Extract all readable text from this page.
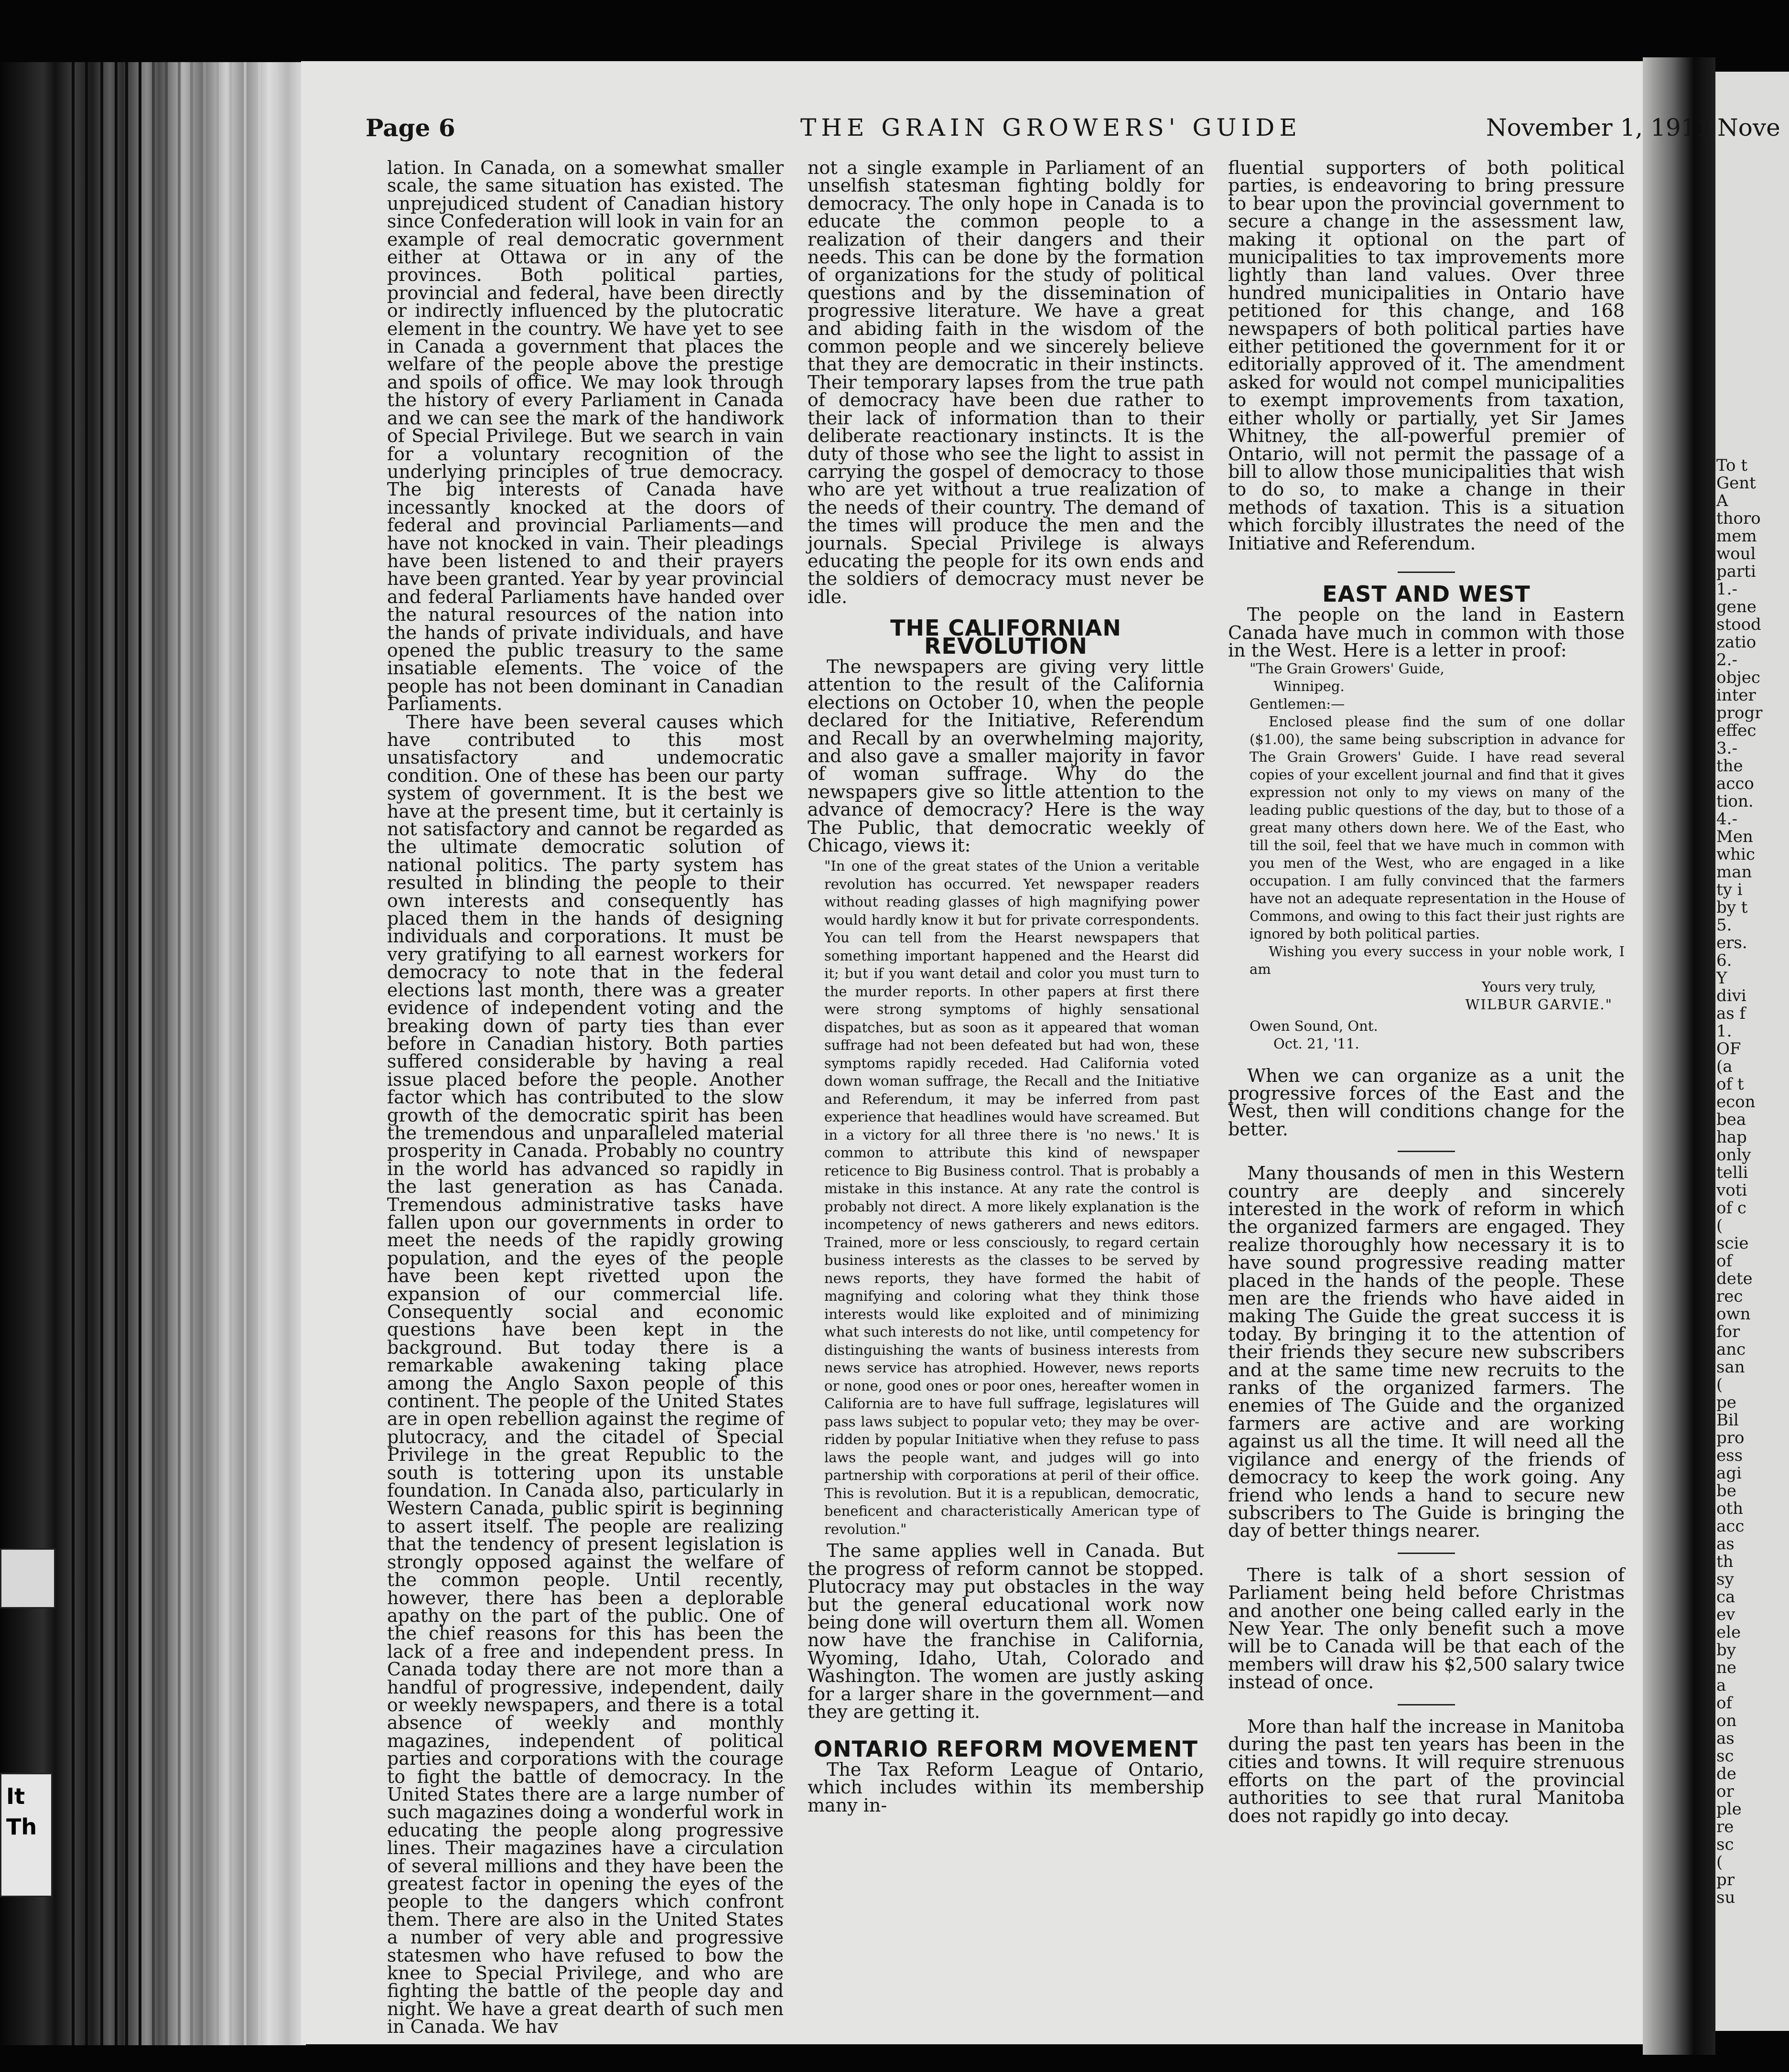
It
Th
Page 6	THE GRAIN GROWERS' GUIDE	November 1, 1911

lation. In Canada, on a somewhat smaller scale, the same situation has existed. The unprejudiced student of Canadian history since Confederation will look in vain for an example of real democratic government either at Ottawa or in any of the provinces. Both political parties, provincial and federal, have been directly or indirectly influenced by the plutocratic element in the country. We have yet to see in Canada a government that places the welfare of the people above the prestige and spoils of office. We may look through the history of every Parliament in Canada and we can see the mark of the handiwork of Special Privilege. But we search in vain for a voluntary recognition of the underlying principles of true democracy. The big interests of Canada have incessantly knocked at the doors of federal and provincial Parliaments—and have not knocked in vain. Their pleadings have been listened to and their prayers have been granted. Year by year provincial and federal Parliaments have handed over the natural resources of the nation into the hands of private individuals, and have opened the public treasury to the same insatiable elements. The voice of the people has not been dominant in Canadian Parliaments.

There have been several causes which have contributed to this most unsatisfactory and undemocratic condition. One of these has been our party system of government. It is the best we have at the present time, but it certainly is not satisfactory and cannot be regarded as the ultimate democratic solution of national politics. The party system has resulted in blinding the people to their own interests and consequently has placed them in the hands of designing individuals and corporations. It must be very gratifying to all earnest workers for democracy to note that in the federal elections last month, there was a greater evidence of independent voting and the breaking down of party ties than ever before in Canadian history. Both parties suffered considerable by having a real issue placed before the people. Another factor which has contributed to the slow growth of the democratic spirit has been the tremendous and unparalleled material prosperity in Canada. Probably no country in the world has advanced so rapidly in the last generation as has Canada. Tremendous administrative tasks have fallen upon our governments in order to meet the needs of the rapidly growing population, and the eyes of the people have been kept rivetted upon the expansion of our commercial life. Consequently social and economic questions have been kept in the background. But today there is a remarkable awakening taking place among the Anglo Saxon people of this continent. The people of the United States are in open rebellion against the regime of plutocracy, and the citadel of Special Privilege in the great Republic to the south is tottering upon its unstable foundation. In Canada also, particularly in Western Canada, public spirit is beginning to assert itself. The people are realizing that the tendency of present legislation is strongly opposed against the welfare of the common people. Until recently, however, there has been a deplorable apathy on the part of the public. One of the chief reasons for this has been the lack of a free and independent press. In Canada today there are not more than a handful of progressive, independent, daily or weekly newspapers, and there is a total absence of weekly and monthly magazines, independent of political parties and corporations with the courage to fight the battle of democracy. In the United States there are a large number of such magazines doing a wonderful work in educating the people along progressive lines. Their magazines have a circulation of several millions and they have been the greatest factor in opening the eyes of the people to the dangers which confront them. There are also in the United States a number of very able and progressive statesmen who have refused to bow the knee to Special Privilege, and who are fighting the battle of the people day and night. We have a great dearth of such men in Canada. We hav

not a single example in Parliament of an unselfish statesman fighting boldly for democracy. The only hope in Canada is to educate the common people to a realization of their dangers and their needs. This can be done by the formation of organizations for the study of political questions and by the dissemination of progressive literature. We have a great and abiding faith in the wisdom of the common people and we sincerely believe that they are democratic in their instincts. Their temporary lapses from the true path of democracy have been due rather to their lack of information than to their deliberate reactionary instincts. It is the duty of those who see the light to assist in carrying the gospel of democracy to those who are yet without a true realization of the needs of their country. The demand of the times will produce the men and the journals. Special Privilege is always educating the people for its own ends and the soldiers of democracy must never be idle.

THE CALIFORNIAN REVOLUTION

The newspapers are giving very little attention to the result of the California elections on October 10, when the people declared for the Initiative, Referendum and Recall by an overwhelming majority, and also gave a smaller majority in favor of woman suffrage. Why do the newspapers give so little attention to the advance of democracy? Here is the way The Public, that democratic weekly of Chicago, views it:

"In one of the great states of the Union a veritable revolution has occurred. Yet newspaper readers without reading glasses of high magnifying power would hardly know it but for private correspondents. You can tell from the Hearst newspapers that something important happened and the Hearst did it; but if you want detail and color you must turn to the murder reports. In other papers at first there were strong symptoms of highly sensational dispatches, but as soon as it appeared that woman suffrage had not been defeated but had won, these symptoms rapidly receded. Had California voted down woman suffrage, the Recall and the Initiative and Referendum, it may be inferred from past experience that headlines would have screamed. But in a victory for all three there is 'no news.' It is common to attribute this kind of newspaper reticence to Big Business control. That is probably a mistake in this instance. At any rate the control is probably not direct. A more likely explanation is the incompetency of news gatherers and news editors. Trained, more or less consciously, to regard certain business interests as the classes to be served by news reports, they have formed the habit of magnifying and coloring what they think those interests would like exploited and of minimizing what such interests do not like, until competency for distinguishing the wants of business interests from news service has atrophied. However, news reports or none, good ones or poor ones, hereafter women in California are to have full suffrage, legislatures will pass laws subject to popular veto; they may be over-ridden by popular Initiative when they refuse to pass laws the people want, and judges will go into partnership with corporations at peril of their office. This is revolution. But it is a republican, democratic, beneficent and characteristically American type of revolution."

The same applies well in Canada. But the progress of reform cannot be stopped. Plutocracy may put obstacles in the way but the general educational work now being done will overturn them all. Women now have the franchise in California, Wyoming, Idaho, Utah, Colorado and Washington. The women are justly asking for a larger share in the government—and they are getting it.

ONTARIO REFORM MOVEMENT

The Tax Reform League of Ontario, which includes within its membership many in-

fluential supporters of both political parties, is endeavoring to bring pressure to bear upon the provincial government to secure a change in the assessment law, making it optional on the part of municipalities to tax improvements more lightly than land values. Over three hundred municipalities in Ontario have petitioned for this change, and 168 newspapers of both political parties have either petitioned the government for it or editorially approved of it. The amendment asked for would not compel municipalities to exempt improvements from taxation, either wholly or partially, yet Sir James Whitney, the all-powerful premier of Ontario, will not permit the passage of a bill to allow those municipalities that wish to do so, to make a change in their methods of taxation. This is a situation which forcibly illustrates the need of the Initiative and Referendum.

EAST AND WEST

The people on the land in Eastern Canada have much in common with those in the West. Here is a letter in proof:

"The Grain Growers' Guide,
Winnipeg.
Gentlemen:—

Enclosed please find the sum of one dollar ($1.00), the same being subscription in advance for The Grain Growers' Guide. I have read several copies of your excellent journal and find that it gives expression not only to my views on many of the leading public questions of the day, but to those of a great many others down here. We of the East, who till the soil, feel that we have much in common with you men of the West, who are engaged in a like occupation. I am fully convinced that the farmers have not an adequate representation in the House of Commons, and owing to this fact their just rights are ignored by both political parties.

Wishing you every success in your noble work, I am

Yours very truly,
WILBUR GARVIE."
Owen Sound, Ont.
Oct. 21, '11.

When we can organize as a unit the progressive forces of the East and the West, then will conditions change for the better.

Many thousands of men in this Western country are deeply and sincerely interested in the work of reform in which the organized farmers are engaged. They realize thoroughly how necessary it is to have sound progressive reading matter placed in the hands of the people. These men are the friends who have aided in making The Guide the great success it is today. By bringing it to the attention of their friends they secure new subscribers and at the same time new recruits to the ranks of the organized farmers. The enemies of The Guide and the organized farmers are active and are working against us all the time. It will need all the vigilance and energy of the friends of democracy to keep the work going. Any friend who lends a hand to secure new subscribers to The Guide is bringing the day of better things nearer.

There is talk of a short session of Parliament being held before Christmas and another one being called early in the New Year. The only benefit such a move will be to Canada will be that each of the members will draw his $2,500 salary twice instead of once.

More than half the increase in Manitoba during the past ten years has been in the cities and towns. It will require strenuous efforts on the part of the provincial authorities to see that rural Manitoba does not rapidly go into decay.

Nove
To t
Gent
A
thoro
mem
woul
parti
1.-
gene
stood
zatio
2.-
objec
inter
progr
effec
3.-
the
acco
tion.
4.-
Men
whic
man
ty i
by t
5.
ers.
6.
Y
divi
as f
1.
OF
(a
of t
econ
bea
hap
only
telli
voti
of c
(
scie
of
dete
rec
own
for
anc
san
(
pe
Bil
pro
ess
agi
be
oth
acc
as
th
sy
ca
ev
ele
by
ne
a
of
on
as
sc
de
or
ple
re
sc
(
pr
su
